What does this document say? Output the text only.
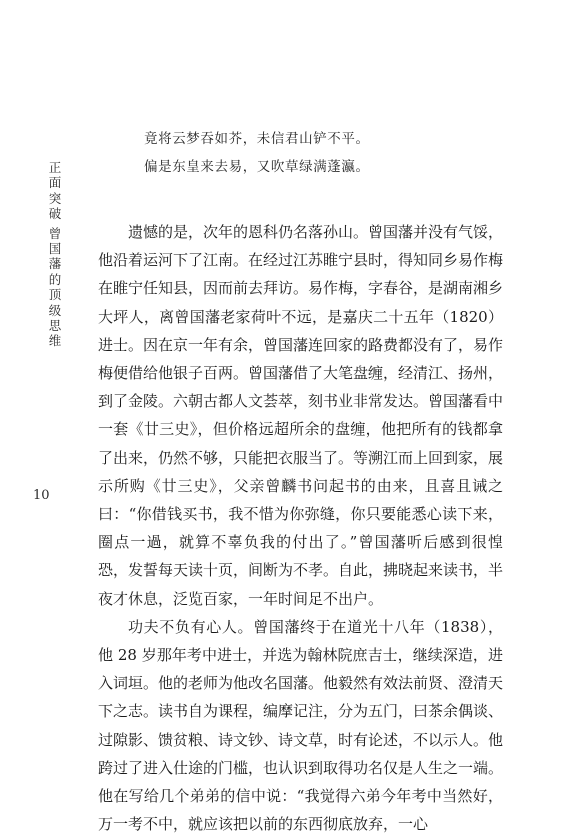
正面突破
曾国藩的顶级思维
10
竟将云梦吞如芥，未信君山铲不平。
偏是东皇来去易，又吹草绿满蓬瀛。

遗憾的是，次年的恩科仍名落孙山。曾国藩并没有气馁，他沿着运河下了江南。在经过江苏睢宁县时，得知同乡易作梅在睢宁任知县，因而前去拜访。易作梅，字春谷，是湖南湘乡大坪人，离曾国藩老家荷叶不远，是嘉庆二十五年（1820）进士。因在京一年有余，曾国藩连回家的路费都没有了，易作梅便借给他银子百两。曾国藩借了大笔盘缠，经清江、扬州，到了金陵。六朝古都人文荟萃，刻书业非常发达。曾国藩看中一套《廿三史》，但价格远超所余的盘缠，他把所有的钱都拿了出来，仍然不够，只能把衣服当了。等溯江而上回到家，展示所购《廿三史》，父亲曾麟书问起书的由来，且喜且诫之曰：“你借钱买书，我不惜为你弥缝，你只要能悉心读下来，圈点一過，就算不辜负我的付出了。”曾国藩听后感到很惶恐，发誓每天读十页，间断为不孝。自此，拂晓起来读书，半夜才休息，泛览百家，一年时间足不出户。

功夫不负有心人。曾国藩终于在道光十八年（1838），他 28 岁那年考中进士，并选为翰林院庶吉士，继续深造，进入词垣。他的老师为他改名国藩。他毅然有效法前贤、澄清天下之志。读书自为课程，编摩记注，分为五门，曰茶余偶谈、过隙影、馈贫粮、诗文钞、诗文草，时有论述，不以示人。他跨过了进入仕途的门槛，也认识到取得功名仅是人生之一端。他在写给几个弟弟的信中说：“我觉得六弟今年考中当然好，万一考不中，就应该把以前的东西彻底放弃，一心
